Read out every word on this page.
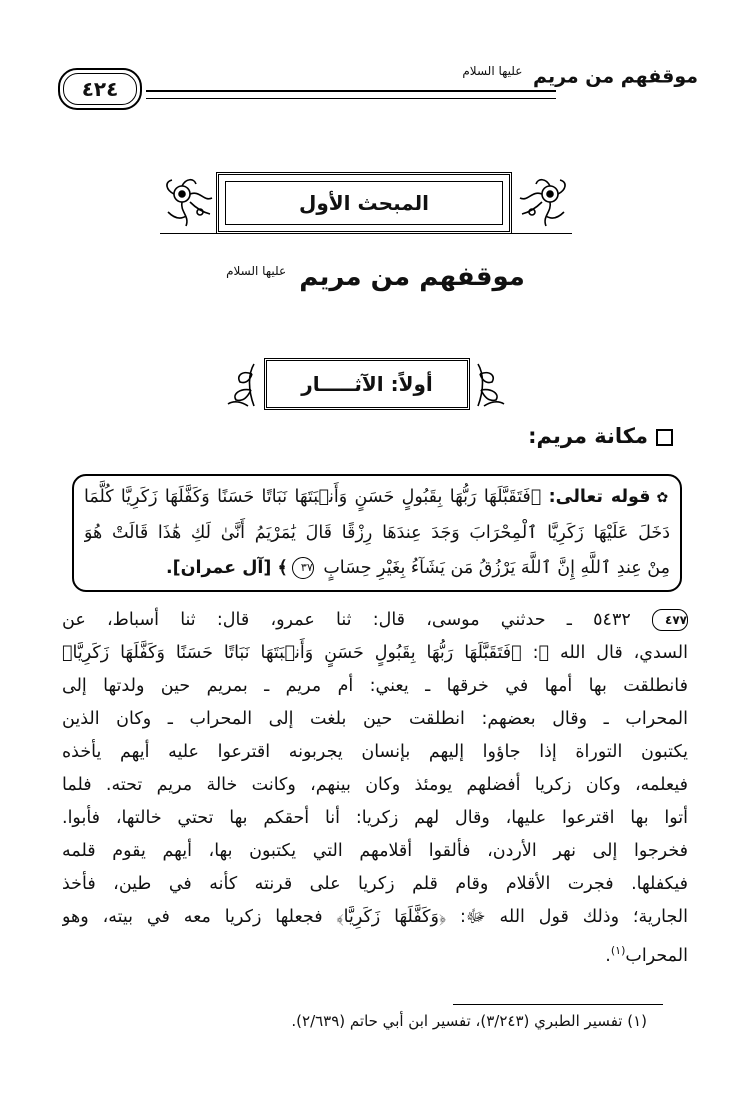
موقفهم من مريم $^{عليها السلام}$
٤٢٤
المبحث الأول
موقفهم من مريم $^{عليها السلام}$
أولاً: الآثـــــار
مكانة مريم:
✿قوله تعالى: ﴿فَتَقَبَّلَهَا رَبُّهَا بِقَبُولٍ حَسَنٍ وَأَنۢبَتَهَا نَبَاتًا حَسَنًا وَكَفَّلَهَا زَكَرِيَّا كُلَّمَا
دَخَلَ عَلَيْهَا زَكَرِيَّا ٱلْمِحْرَابَ وَجَدَ عِندَهَا رِزْقًا قَالَ يَٰمَرْيَمُ أَنَّىٰ لَكِ هَٰذَا قَالَتْ هُوَ
مِنْ عِندِ ٱللَّهِ إِنَّ ٱللَّهَ يَرْزُقُ مَن يَشَآءُ بِغَيْرِ حِسَابٍ ٣٧﴾ [آل عمران].
٤٧٧ ٥٤٣٢ ـ حدثني موسى، قال: ثنا عمرو، قال: ثنا أسباط، عن
السدي، قال الله ﷻ: ﴿فَتَقَبَّلَهَا رَبُّهَا بِقَبُولٍ حَسَنٍ وَأَنۢبَتَهَا نَبَاتًا حَسَنًا وَكَفَّلَهَا زَكَرِيَّا﴾
فانطلقت بها أمها في خرقها ـ يعني: أم مريم ـ بمريم حين ولدتها إلى
المحراب ـ وقال بعضهم: انطلقت حين بلغت إلى المحراب ـ وكان الذين
يكتبون التوراة إذا جاؤوا إليهم بإنسان يجربونه اقترعوا عليه أيهم يأخذه
فيعلمه، وكان زكريا أفضلهم يومئذ وكان بينهم، وكانت خالة مريم تحته. فلما
أتوا بها اقترعوا عليها، وقال لهم زكريا: أنا أحقكم بها تحتي خالتها، فأبوا.
فخرجوا إلى نهر الأردن، فألقوا أقلامهم التي يكتبون بها، أيهم يقوم قلمه
فيكفلها. فجرت الأقلام وقام قلم زكريا على قرنته كأنه في طين، فأخذ
الجارية؛ وذلك قول الله ﷻ: ﴿وَكَفَّلَهَا زَكَرِيَّا﴾ فجعلها زكريا معه في بيته، وهو
المحراب$^{(١)}$.
(١) تفسير الطبري (٣/٢٤٣)، تفسير ابن أبي حاتم (٢/٦٣٩).
